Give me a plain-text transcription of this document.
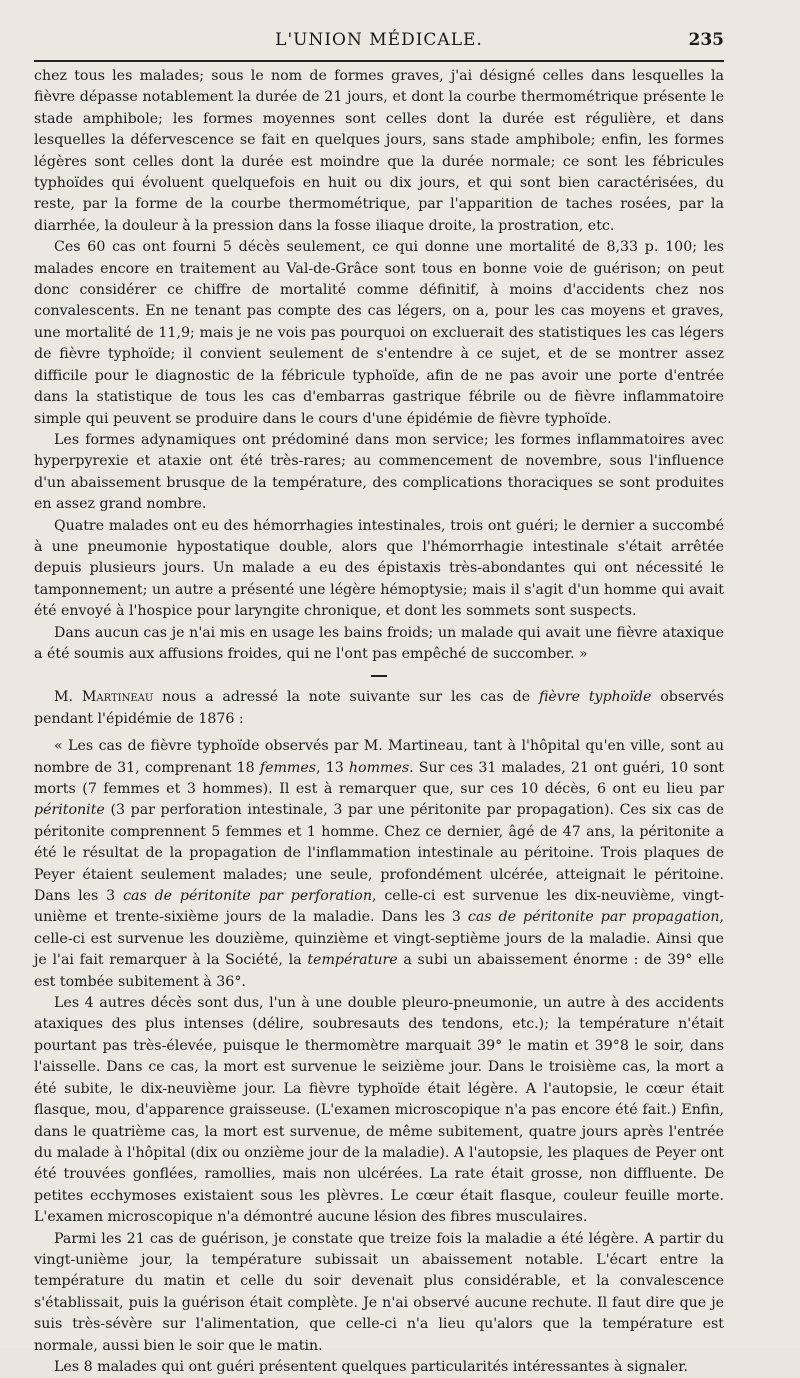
L'UNION MÉDICALE.	235

chez tous les malades; sous le nom de formes graves, j'ai désigné celles dans lesquelles la fièvre dépasse notablement la durée de 21 jours, et dont la courbe thermométrique présente le stade amphibole; les formes moyennes sont celles dont la durée est régulière, et dans lesquelles la défervescence se fait en quelques jours, sans stade amphibole; enfin, les formes légères sont celles dont la durée est moindre que la durée normale; ce sont les fébricules typhoïdes qui évoluent quelquefois en huit ou dix jours, et qui sont bien caractérisées, du reste, par la forme de la courbe thermométrique, par l'apparition de taches rosées, par la diarrhée, la douleur à la pression dans la fosse iliaque droite, la prostration, etc.

Ces 60 cas ont fourni 5 décès seulement, ce qui donne une mortalité de 8,33 p. 100; les malades encore en traitement au Val-de-Grâce sont tous en bonne voie de guérison; on peut donc considérer ce chiffre de mortalité comme définitif, à moins d'accidents chez nos convalescents. En ne tenant pas compte des cas légers, on a, pour les cas moyens et graves, une mortalité de 11,9; mais je ne vois pas pourquoi on excluerait des statistiques les cas légers de fièvre typhoïde; il convient seulement de s'entendre à ce sujet, et de se montrer assez difficile pour le diagnostic de la fébricule typhoïde, afin de ne pas avoir une porte d'entrée dans la statistique de tous les cas d'embarras gastrique fébrile ou de fièvre inflammatoire simple qui peuvent se produire dans le cours d'une épidémie de fièvre typhoïde.

Les formes adynamiques ont prédominé dans mon service; les formes inflammatoires avec hyperpyrexie et ataxie ont été très-rares; au commencement de novembre, sous l'influence d'un abaissement brusque de la température, des complications thoraciques se sont produites en assez grand nombre.

Quatre malades ont eu des hémorrhagies intestinales, trois ont guéri; le dernier a succombé à une pneumonie hypostatique double, alors que l'hémorrhagie intestinale s'était arrêtée depuis plusieurs jours. Un malade a eu des épistaxis très-abondantes qui ont nécessité le tamponnement; un autre a présenté une légère hémoptysie; mais il s'agit d'un homme qui avait été envoyé à l'hospice pour laryngite chronique, et dont les sommets sont suspects.

Dans aucun cas je n'ai mis en usage les bains froids; un malade qui avait une fièvre ataxique a été soumis aux affusions froides, qui ne l'ont pas empêché de succomber. »

M. Martineau nous a adressé la note suivante sur les cas de fièvre typhoïde observés pendant l'épidémie de 1876 :

« Les cas de fièvre typhoïde observés par M. Martineau, tant à l'hôpital qu'en ville, sont au nombre de 31, comprenant 18 femmes, 13 hommes. Sur ces 31 malades, 21 ont guéri, 10 sont morts (7 femmes et 3 hommes). Il est à remarquer que, sur ces 10 décès, 6 ont eu lieu par péritonite (3 par perforation intestinale, 3 par une péritonite par propagation). Ces six cas de péritonite comprennent 5 femmes et 1 homme. Chez ce dernier, âgé de 47 ans, la péritonite a été le résultat de la propagation de l'inflammation intestinale au péritoine. Trois plaques de Peyer étaient seulement malades; une seule, profondément ulcérée, atteignait le péritoine. Dans les 3 cas de péritonite par perforation, celle-ci est survenue les dix-neuvième, vingt-unième et trente-sixième jours de la maladie. Dans les 3 cas de péritonite par propagation, celle-ci est survenue les douzième, quinzième et vingt-septième jours de la maladie. Ainsi que je l'ai fait remarquer à la Société, la température a subi un abaissement énorme : de 39° elle est tombée subitement à 36°.

Les 4 autres décès sont dus, l'un à une double pleuro-pneumonie, un autre à des accidents ataxiques des plus intenses (délire, soubresauts des tendons, etc.); la température n'était pourtant pas très-élevée, puisque le thermomètre marquait 39° le matin et 39°8 le soir, dans l'aisselle. Dans ce cas, la mort est survenue le seizième jour. Dans le troisième cas, la mort a été subite, le dix-neuvième jour. La fièvre typhoïde était légère. A l'autopsie, le cœur était flasque, mou, d'apparence graisseuse. (L'examen microscopique n'a pas encore été fait.) Enfin, dans le quatrième cas, la mort est survenue, de même subitement, quatre jours après l'entrée du malade à l'hôpital (dix ou onzième jour de la maladie). A l'autopsie, les plaques de Peyer ont été trouvées gonflées, ramollies, mais non ulcérées. La rate était grosse, non diffluente. De petites ecchymoses existaient sous les plèvres. Le cœur était flasque, couleur feuille morte. L'examen microscopique n'a démontré aucune lésion des fibres musculaires.

Parmi les 21 cas de guérison, je constate que treize fois la maladie a été légère. A partir du vingt-unième jour, la température subissait un abaissement notable. L'écart entre la température du matin et celle du soir devenait plus considérable, et la convalescence s'établissait, puis la guérison était complète. Je n'ai observé aucune rechute. Il faut dire que je suis très-sévère sur l'alimentation, que celle-ci n'a lieu qu'alors que la température est normale, aussi bien le soir que le matin.

Les 8 malades qui ont guéri présentent quelques particularités intéressantes à signaler.
